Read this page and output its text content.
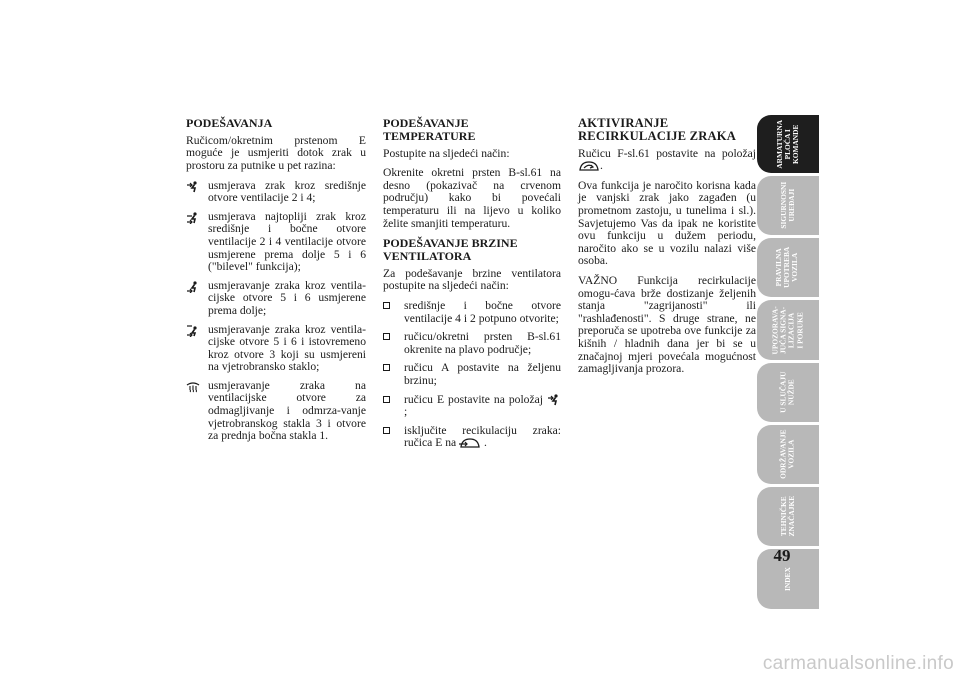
PODEŠAVANJA

Ručicom/okretnim prstenom E moguće je usmjeriti dotok zrak u prostoru za putnike u pet razina:

usmjerava zrak kroz središnje otvore ventilacije 2 i 4;
usmjerava najtopliji zrak kroz središnje i bočne otvore ventilacije 2 i 4 ventilacije otvore usmjerene prema dolje 5 i 6 ("bilevel" funkcija);
usmjeravanje zraka kroz ventila-cijske otvore 5 i 6 usmjerene prema dolje;
usmjeravanje zraka kroz ventila-cijske otvore 5 i 6 i istovremeno kroz otvore 3 koji su usmjereni na vjetrobransko staklo;
usmjeravanje zraka na ventilacijske otvore za odmagljivanje i odmrza-vanje vjetrobranskog stakla 3 i otvore za prednja bočna stakla 1.
PODEŠAVANJE TEMPERATURE

Postupite na sljedeći način:

Okrenite okretni prsten B-sl.61 na desno (pokazivač na crvenom području) kako bi povećali temperaturu ili na lijevo u koliko želite smanjiti temperaturu.

PODEŠAVANJE BRZINE VENTILATORA

Za podešavanje brzine ventilatora postupite na sljedeći način:

središnje i bočne otvore ventilacije 4 i 2 potpuno otvorite;
ručicu/okretni prsten B-sl.61 okrenite na plavo područje;
ručicu A postavite na željenu brzinu;
ručicu E postavite na položaj  ;
isključite recikulaciju zraka: ručica E na .
AKTIVIRANJE RECIRKULACIJE ZRAKA

Ručicu F-sl.61 postavite na položaj .

Ova funkcija je naročito korisna kada je vanjski zrak jako zagađen (u prometnom zastoju, u tunelima i sl.). Savjetujemo Vas da ipak ne koristite ovu funkciju u dužem periodu, naročito ako se u vozilu nalazi više osoba.

VAŽNO Funkcija recirkulacije omogu-ćava brže dostizanje željenih stanja "zagrijanosti" ili "rashlađenosti". S druge strane, ne preporuča se upotreba ove funkcije za kišnih / hladnih dana jer bi se u značajnoj mjeri povećala mogućnost zamagljivanja prozora.

ARMATURNA
PLOČA I
KOMANDE
SIGURNOSNI
UREĐAJI
PRAVILNA
UPOTREBA
VOZILA
UPOZORAVA-
JUĆA SIGNA-
LIZACIJA
I PORUKE
U SLUČAJU
NUŽDE
ODRŽAVANJE
VOZILA
TEHNIČKE
ZNAČAJKE
INDEX
49
carmanualsonline.info
